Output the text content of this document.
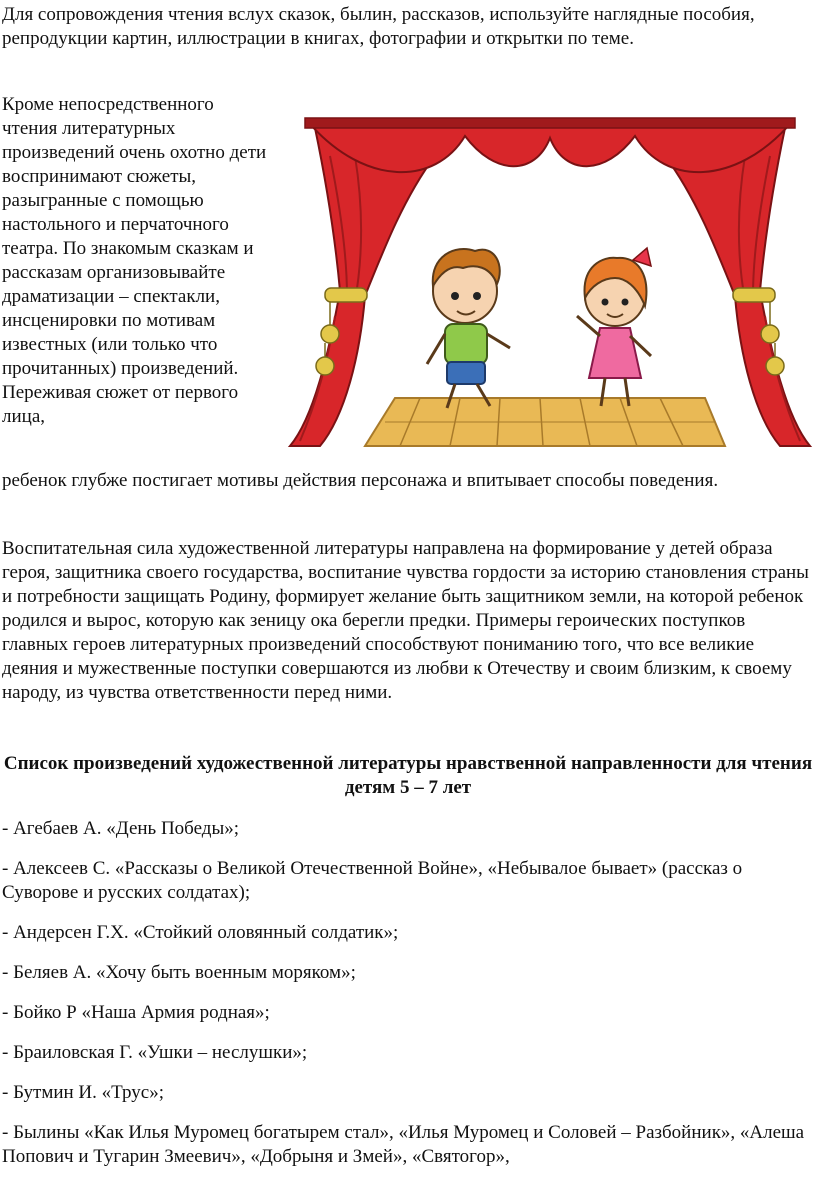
Для сопровождения чтения вслух сказок, былин, рассказов, используйте наглядные пособия, репродукции картин, иллюстрации в книгах, фотографии и открытки по теме.

Кроме непосредственного чтения литературных произведений очень охотно дети воспринимают сюжеты, разыгранные с помощью настольного и перчаточного театра. По знакомым сказкам и рассказам организовывайте драматизации – спектакли, инсценировки по мотивам известных (или только что прочитанных) произведений. Переживая сюжет от первого лица,

ребенок глубже постигает мотивы действия персонажа и впитывает способы поведения.

Воспитательная сила художественной литературы направлена на формирование у детей образа героя, защитника своего государства, воспитание чувства гордости за историю становления страны и потребности защищать Родину, формирует желание быть защитником земли, на которой ребенок родился и вырос, которую как зеницу ока берегли предки. Примеры героических поступков главных героев литературных произведений способствуют пониманию того, что все великие деяния и мужественные поступки совершаются из любви к Отечеству и своим близким, к своему народу, из чувства ответственности перед ними.

Список произведений художественной литературы нравственной направленности для чтения детям 5 – 7 лет
- Агебаев А. «День Победы»;
- Алексеев С. «Рассказы о Великой Отечественной Войне», «Небывалое бывает» (рассказ о Суворове и русских солдатах);
- Андерсен Г.Х. «Стойкий оловянный солдатик»;
- Беляев А. «Хочу быть военным моряком»;
- Бойко Р «Наша Армия родная»;
- Браиловская Г. «Ушки – неслушки»;
- Бутмин И. «Трус»;
- Былины «Как Илья Муромец богатырем стал», «Илья Муромец и Соловей – Разбойник», «Алеша Попович и Тугарин Змеевич», «Добрыня и Змей», «Святогор»,
